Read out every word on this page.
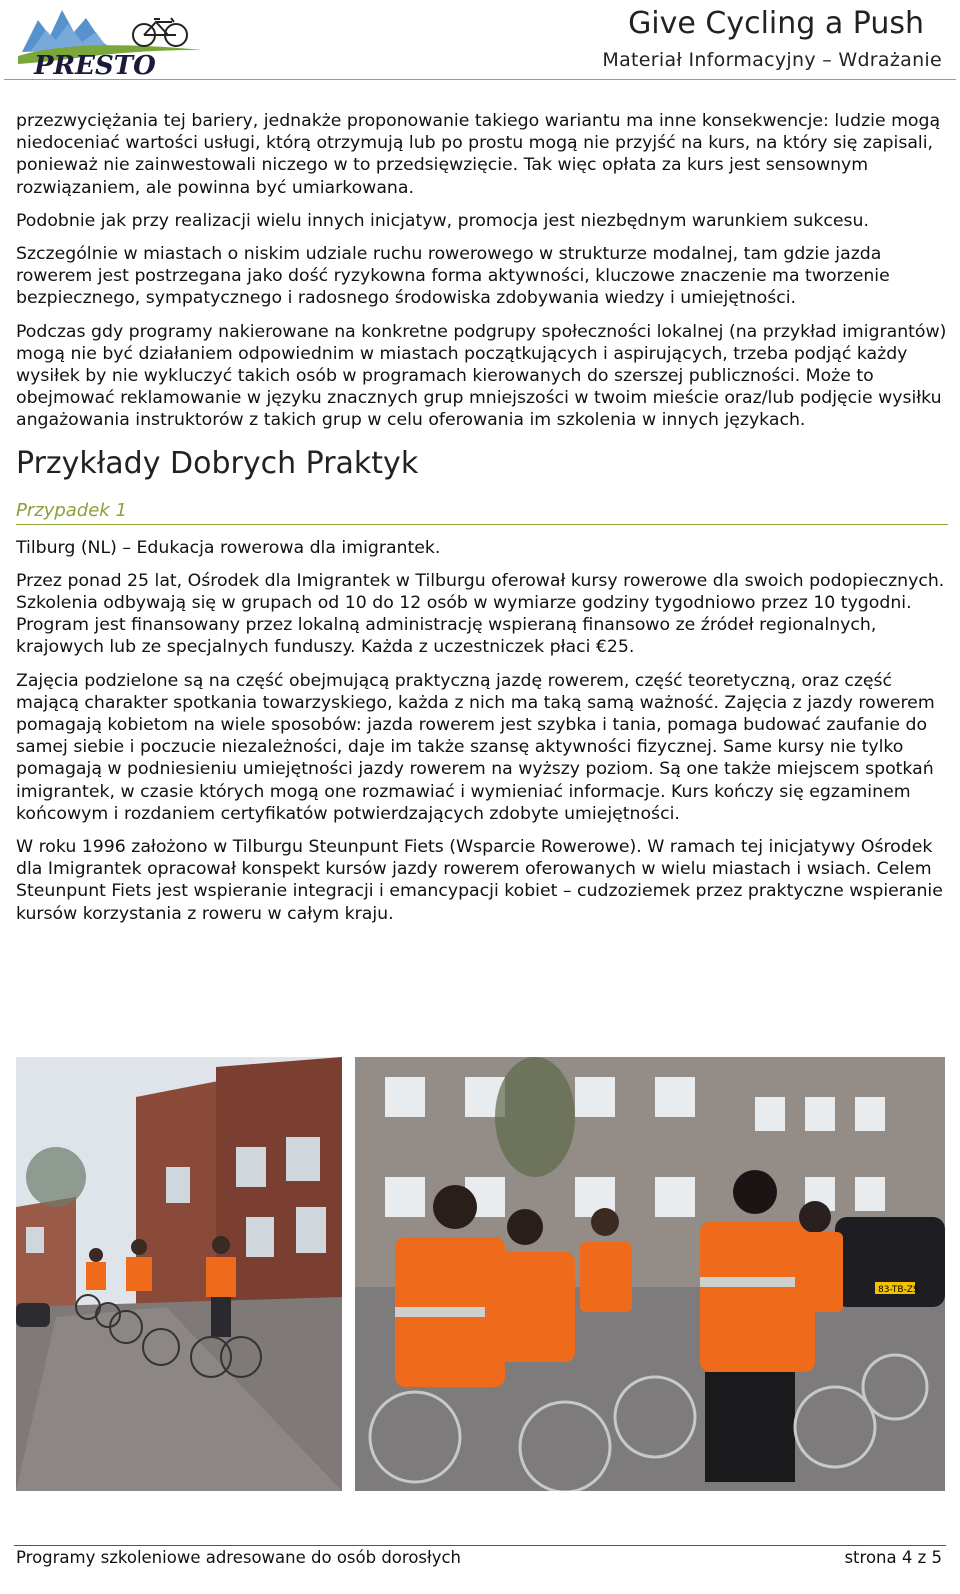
PRESTO
Give Cycling a Push
Materiał Informacyjny – Wdrażanie

przezwyciężania tej bariery, jednakże proponowanie takiego wariantu ma inne konsekwencje: ludzie mogą niedoceniać wartości usługi, którą otrzymują lub po prostu mogą nie przyjść na kurs, na który się zapisali, ponieważ nie zainwestowali niczego w to przedsięwzięcie. Tak więc opłata za kurs jest sensownym rozwiązaniem, ale powinna być umiarkowana.

Podobnie jak przy realizacji wielu innych inicjatyw, promocja jest niezbędnym warunkiem sukcesu.

Szczególnie w miastach o niskim udziale ruchu rowerowego w strukturze modalnej, tam gdzie jazda rowerem jest postrzegana jako dość ryzykowna forma aktywności, kluczowe znaczenie ma tworzenie bezpiecznego, sympatycznego i radosnego środowiska zdobywania wiedzy i umiejętności.

Podczas gdy programy nakierowane na konkretne podgrupy społeczności lokalnej (na przykład imigrantów) mogą nie być działaniem odpowiednim w miastach początkujących i aspirujących, trzeba podjąć każdy wysiłek by nie wykluczyć takich osób w programach kierowanych do szerszej publiczności. Może to obejmować reklamowanie w języku znacznych grup mniejszości w twoim mieście oraz/lub podjęcie wysiłku angażowania instruktorów z takich grup w celu oferowania im szkolenia w innych językach.

Przykłady Dobrych Praktyk
Przypadek 1

Tilburg (NL) – Edukacja rowerowa dla imigrantek.

Przez ponad 25 lat, Ośrodek dla Imigrantek w Tilburgu oferował kursy rowerowe dla swoich podopiecznych. Szkolenia odbywają się w grupach od 10 do 12 osób w wymiarze godziny tygodniowo przez 10 tygodni. Program jest finansowany przez lokalną administrację wspieraną finansowo ze źródeł regionalnych, krajowych lub ze specjalnych funduszy. Każda z uczestniczek płaci €25.

Zajęcia podzielone są na część obejmującą praktyczną jazdę rowerem, część teoretyczną, oraz część mającą charakter spotkania towarzyskiego, każda z nich ma taką samą ważność. Zajęcia z jazdy rowerem pomagają kobietom na wiele sposobów: jazda rowerem jest szybka i tania, pomaga budować zaufanie do samej siebie i poczucie niezależności, daje im także szansę aktywności fizycznej. Same kursy nie tylko pomagają w podniesieniu umiejętności jazdy rowerem na wyższy poziom. Są one także miejscem spotkań imigrantek, w czasie których mogą one rozmawiać i wymieniać informacje. Kurs kończy się egzaminem końcowym i rozdaniem certyfikatów potwierdzających zdobyte umiejętności.

W roku 1996 założono w Tilburgu Steunpunt Fiets (Wsparcie Rowerowe). W ramach tej inicjatywy Ośrodek dla Imigrantek opracował konspekt kursów jazdy rowerem oferowanych w wielu miastach i wsiach. Celem Steunpunt Fiets jest wspieranie integracji i emancypacji kobiet – cudzoziemek przez praktyczne wspieranie kursów korzystania z roweru w całym kraju.

83-TB-ZS
Programy szkoleniowe adresowane do osób dorosłych	strona 4 z 5
